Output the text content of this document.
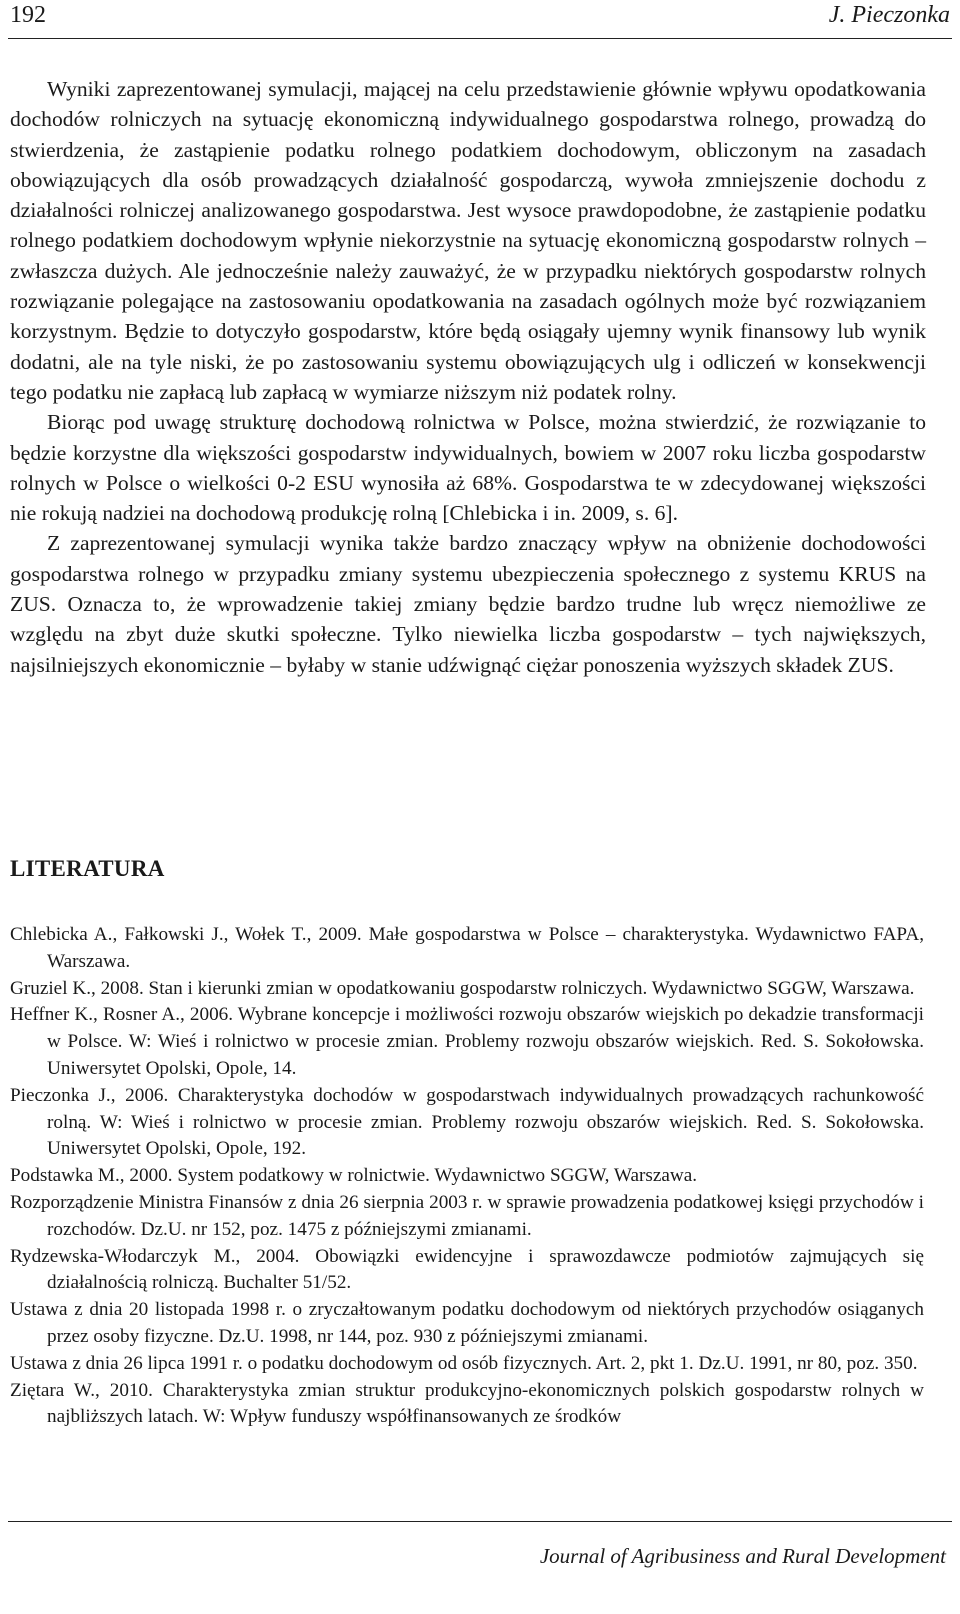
192	J. Pieczonka

Wyniki zaprezentowanej symulacji, mającej na celu przedstawienie głównie wpływu opodatkowania dochodów rolniczych na sytuację ekonomiczną indywidualnego gospodarstwa rolnego, prowadzą do stwierdzenia, że zastąpienie podatku rolnego podatkiem dochodowym, obliczonym na zasadach obowiązujących dla osób prowadzących działalność gospodarczą, wywoła zmniejszenie dochodu z działalności rolniczej analizowanego gospodarstwa. Jest wysoce prawdopodobne, że zastąpienie podatku rolnego podatkiem dochodowym wpłynie niekorzystnie na sytuację ekonomiczną gospodarstw rolnych – zwłaszcza dużych. Ale jednocześnie należy zauważyć, że w przypadku niektórych gospodarstw rolnych rozwiązanie polegające na zastosowaniu opodatkowania na zasadach ogólnych może być rozwiązaniem korzystnym. Będzie to dotyczyło gospodarstw, które będą osiągały ujemny wynik finansowy lub wynik dodatni, ale na tyle niski, że po zastosowaniu systemu obowiązujących ulg i odliczeń w konsekwencji tego podatku nie zapłacą lub zapłacą w wymiarze niższym niż podatek rolny.

Biorąc pod uwagę strukturę dochodową rolnictwa w Polsce, można stwierdzić, że rozwiązanie to będzie korzystne dla większości gospodarstw indywidualnych, bowiem w 2007 roku liczba gospodarstw rolnych w Polsce o wielkości 0-2 ESU wynosiła aż 68%. Gospodarstwa te w zdecydowanej większości nie rokują nadziei na dochodową produkcję rolną [Chlebicka i in. 2009, s. 6].

Z zaprezentowanej symulacji wynika także bardzo znaczący wpływ na obniżenie dochodowości gospodarstwa rolnego w przypadku zmiany systemu ubezpieczenia społecznego z systemu KRUS na ZUS. Oznacza to, że wprowadzenie takiej zmiany będzie bardzo trudne lub wręcz niemożliwe ze względu na zbyt duże skutki społeczne. Tylko niewielka liczba gospodarstw – tych największych, najsilniejszych ekonomicznie – byłaby w stanie udźwignąć ciężar ponoszenia wyższych składek ZUS.

LITERATURA
Chlebicka A., Fałkowski J., Wołek T., 2009. Małe gospodarstwa w Polsce – charakterystyka. Wydawnictwo FAPA, Warszawa.
Gruziel K., 2008. Stan i kierunki zmian w opodatkowaniu gospodarstw rolniczych. Wydawnictwo SGGW, Warszawa.
Heffner K., Rosner A., 2006. Wybrane koncepcje i możliwości rozwoju obszarów wiejskich po dekadzie transformacji w Polsce. W: Wieś i rolnictwo w procesie zmian. Problemy rozwoju obszarów wiejskich. Red. S. Sokołowska. Uniwersytet Opolski, Opole, 14.
Pieczonka J., 2006. Charakterystyka dochodów w gospodarstwach indywidualnych prowadzących rachunkowość rolną. W: Wieś i rolnictwo w procesie zmian. Problemy rozwoju obszarów wiejskich. Red. S. Sokołowska. Uniwersytet Opolski, Opole, 192.
Podstawka M., 2000. System podatkowy w rolnictwie. Wydawnictwo SGGW, Warszawa.
Rozporządzenie Ministra Finansów z dnia 26 sierpnia 2003 r. w sprawie prowadzenia podatkowej księgi przychodów i rozchodów. Dz.U. nr 152, poz. 1475 z późniejszymi zmianami.
Rydzewska-Włodarczyk M., 2004. Obowiązki ewidencyjne i sprawozdawcze podmiotów zajmujących się działalnością rolniczą. Buchalter 51/52.
Ustawa z dnia 20 listopada 1998 r. o zryczałtowanym podatku dochodowym od niektórych przychodów osiąganych przez osoby fizyczne. Dz.U. 1998, nr 144, poz. 930 z późniejszymi zmianami.
Ustawa z dnia 26 lipca 1991 r. o podatku dochodowym od osób fizycznych. Art. 2, pkt 1. Dz.U. 1991, nr 80, poz. 350.
Ziętara W., 2010. Charakterystyka zmian struktur produkcyjno-ekonomicznych polskich gospodarstw rolnych w najbliższych latach. W: Wpływ funduszy współfinansowanych ze środków
Journal of Agribusiness and Rural Development
